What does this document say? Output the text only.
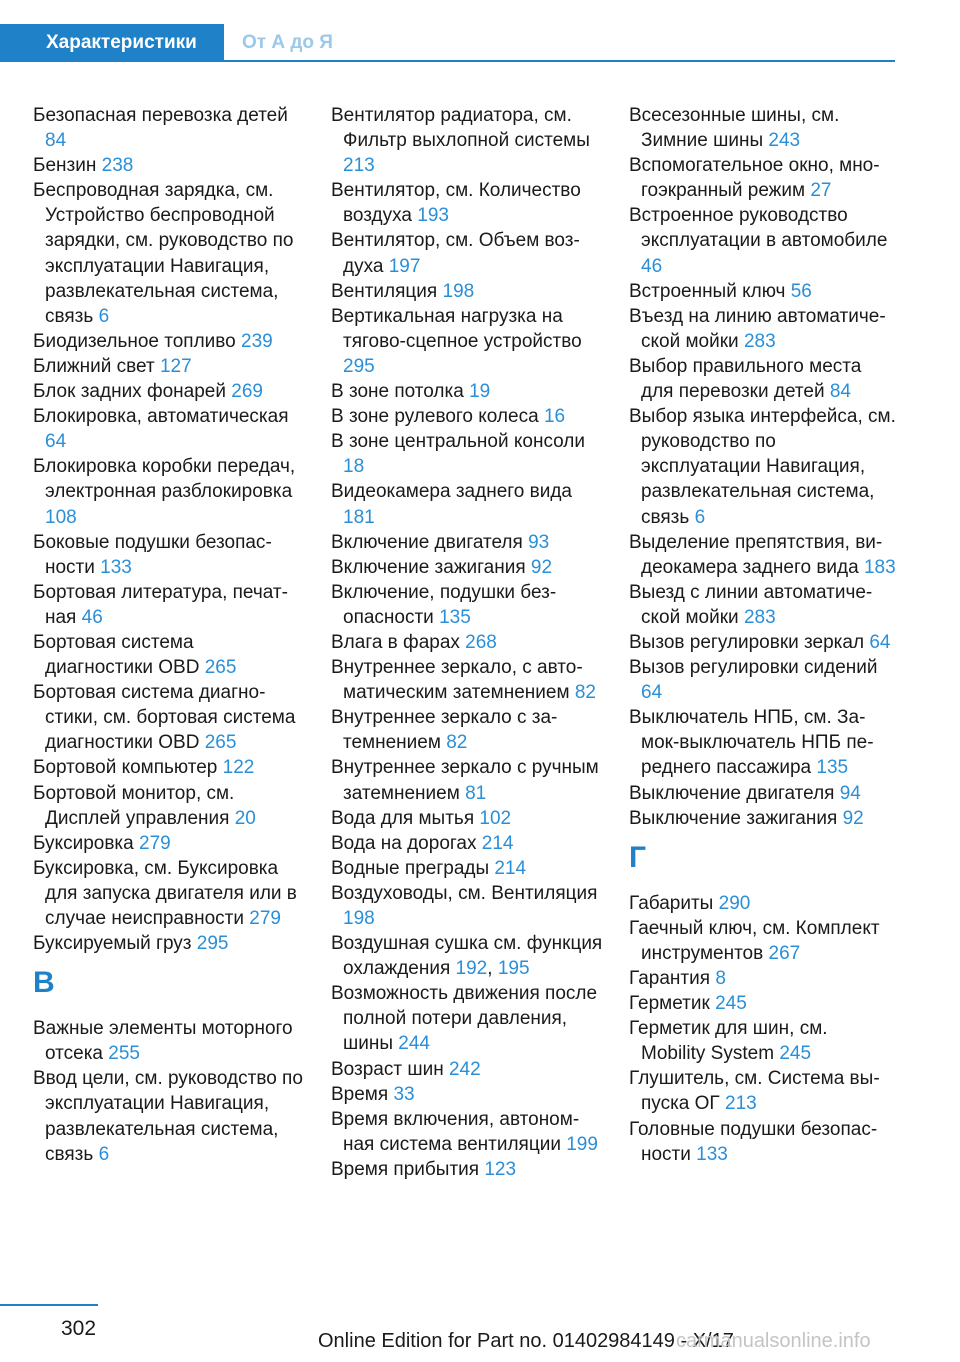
Характеристики	От А до Я

Безопасная перевозка детей 84

Бензин 238

Беспроводная зарядка, см. Устройство беспроводной зарядки, см. руководство по эксплуатации Навигация, развлекательная система, связь 6

Биодизельное топливо 239

Ближний свет 127

Блок задних фонарей 269

Блокировка, автоматическая 64

Блокировка коробки передач, электронная разблокировка 108

Боковые подушки безопасности 133

Бортовая литература, печатная 46

Бортовая система диагностики OBD 265

Бортовая система диагностики, см. бортовая система диагностики OBD 265

Бортовой компьютер 122

Бортовой монитор, см. Дисплей управления 20

Буксировка 279

Буксировка, см. Буксировка для запуска двигателя или в случае неисправности 279

Буксируемый груз 295

В

Важные элементы моторного отсека 255

Ввод цели, см. руководство по эксплуатации Навигация, развлекательная система, связь 6

Вентилятор радиатора, см. Фильтр выхлопной системы 213

Вентилятор, см. Количество воздуха 193

Вентилятор, см. Объем воздуха 197

Вентиляция 198

Вертикальная нагрузка на тягово-сцепное устройство 295

В зоне потолка 19

В зоне рулевого колеса 16

В зоне центральной консоли 18

Видеокамера заднего вида 181

Включение двигателя 93

Включение зажигания 92

Включение, подушки безопасности 135

Влага в фарах 268

Внутреннее зеркало, с автоматическим затемнением 82

Внутреннее зеркало с затемнением 82

Внутреннее зеркало с ручным затемнением 81

Вода для мытья 102

Вода на дорогах 214

Водные преграды 214

Воздуховоды, см. Вентиляция 198

Воздушная сушка см. функция охлаждения 192, 195

Возможность движения после полной потери давления, шины 244

Возраст шин 242

Время 33

Время включения, автономная система вентиляции 199

Время прибытия 123

Всесезонные шины, см. Зимние шины 243

Вспомогательное окно, многоэкранный режим 27

Встроенное руководство эксплуатации в автомобиле 46

Встроенный ключ 56

Въезд на линию автоматической мойки 283

Выбор правильного места для перевозки детей 84

Выбор языка интерфейса, см. руководство по эксплуатации Навигация, развлекательная система, связь 6

Выделение препятствия, видеокамера заднего вида 183

Выезд с линии автоматической мойки 283

Вызов регулировки зеркал 64

Вызов регулировки сидений 64

Выключатель НПБ, см. Замок-выключатель НПБ переднего пассажира 135

Выключение двигателя 94

Выключение зажигания 92

Г

Габариты 290

Гаечный ключ, см. Комплект инструментов 267

Гарантия 8

Герметик 245

Герметик для шин, см. Mobility System 245

Глушитель, см. Система выпуска ОГ 213

Головные подушки безопасности 133

302
Online Edition for Part no. 01402984149 - X/17
carmanualsonline.info
